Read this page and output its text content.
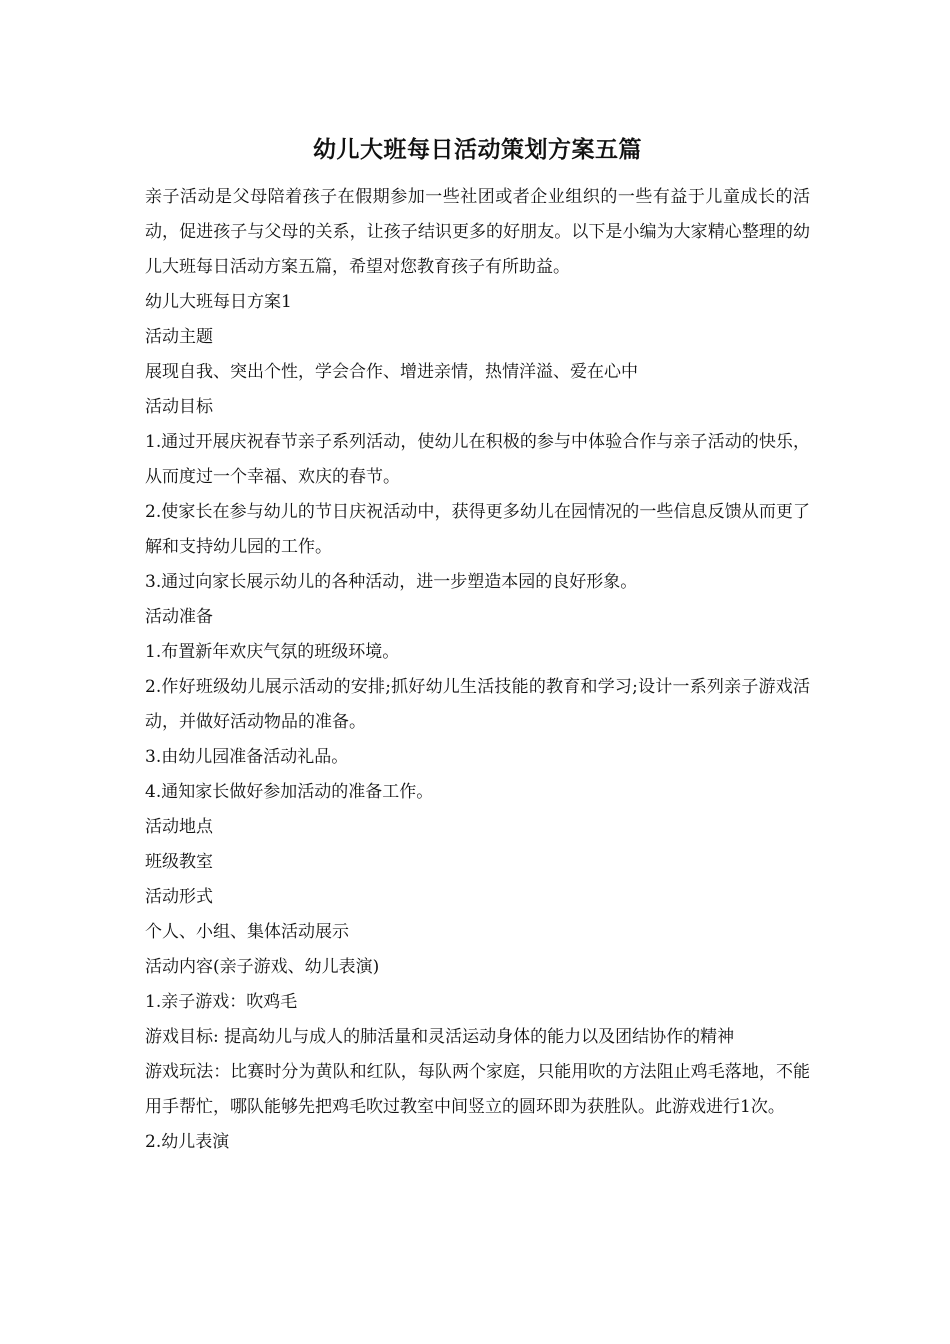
幼儿大班每日活动策划方案五篇

亲子活动是父母陪着孩子在假期参加一些社团或者企业组织的一些有益于儿童成长的活动，促进孩子与父母的关系，让孩子结识更多的好朋友。以下是小编为大家精心整理的幼儿大班每日活动方案五篇，希望对您教育孩子有所助益。

幼儿大班每日方案1

活动主题

展现自我、突出个性，学会合作、增进亲情，热情洋溢、爱在心中

活动目标

1.通过开展庆祝春节亲子系列活动，使幼儿在积极的参与中体验合作与亲子活动的快乐，从而度过一个幸福、欢庆的春节。

2.使家长在参与幼儿的节日庆祝活动中，获得更多幼儿在园情况的一些信息反馈从而更了解和支持幼儿园的工作。

3.通过向家长展示幼儿的各种活动，进一步塑造本园的良好形象。

活动准备

1.布置新年欢庆气氛的班级环境。

2.作好班级幼儿展示活动的安排;抓好幼儿生活技能的教育和学习;设计一系列亲子游戏活动，并做好活动物品的准备。

3.由幼儿园准备活动礼品。

4.通知家长做好参加活动的准备工作。

活动地点

班级教室

活动形式

个人、小组、集体活动展示

活动内容(亲子游戏、幼儿表演)

1.亲子游戏：吹鸡毛

游戏目标: 提高幼儿与成人的肺活量和灵活运动身体的能力以及团结协作的精神

游戏玩法：比赛时分为黄队和红队，每队两个家庭，只能用吹的方法阻止鸡毛落地，不能用手帮忙，哪队能够先把鸡毛吹过教室中间竖立的圆环即为获胜队。此游戏进行1次。

2.幼儿表演
